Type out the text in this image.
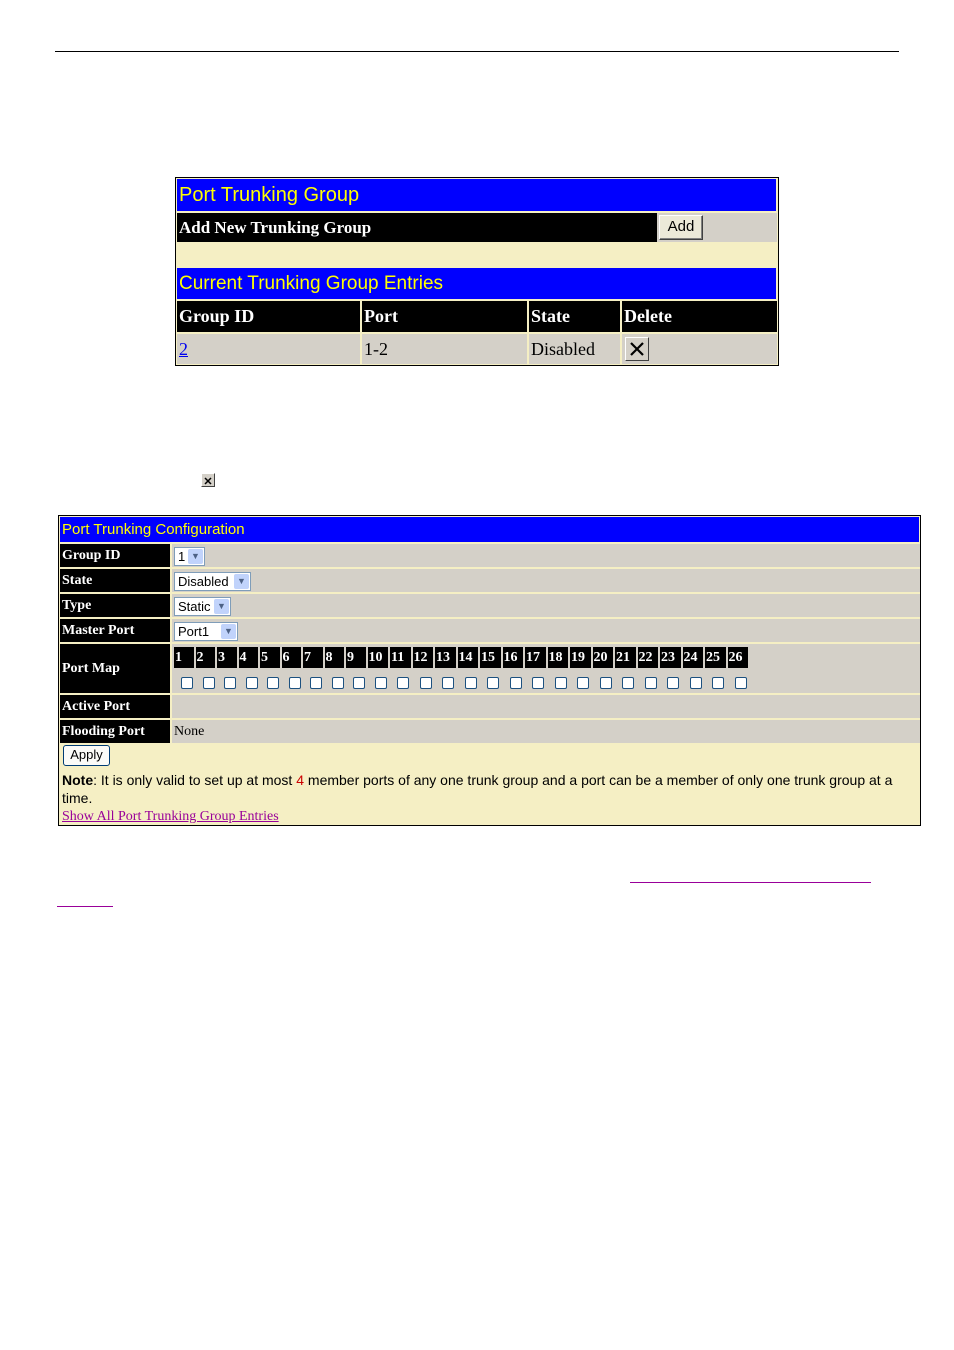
Port Trunking Group
Add New Trunking Group	Add
Current Trunking Group Entries
Group ID	Port	State	Delete
2	1-2	Disabled
Port Trunking Configuration
Group ID	1 ▼
State	Disabled ▼
Type	Static ▼
Master Port	Port1	▼
Port Map
1	2	3	4	5	6	7	8	9	10 11 12 13 14 15 16 17 18 19 20 21 22 23 24 25 26
Active Port
Flooding Port	None
Apply
Note: It is only valid to set up at most 4 member ports of any one trunk group and a port can be a member of only one trunk group at a time.
Show All Port Trunking Group Entries
